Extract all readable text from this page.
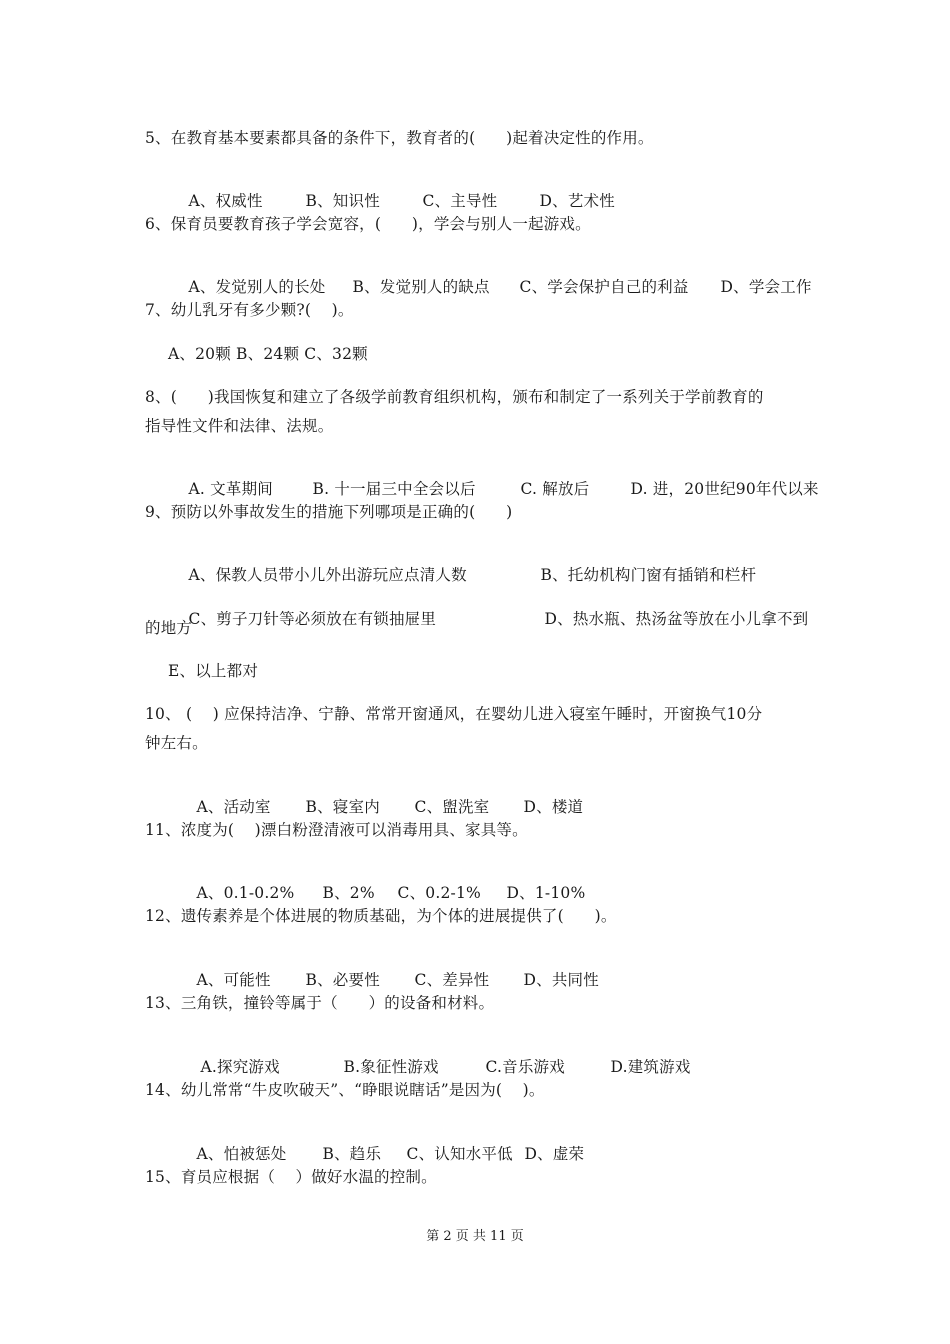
5、在教育基本要素都具备的条件下，教育者的(      )起着决定性的作用。

A、权威性	B、知识性	C、主导性	D、艺术性

6、保育员要教育孩子学会宽容，(      )，学会与别人一起游戏。

A、发觉别人的长处 B、发觉别人的缺点 C、学会保护自己的利益 D、学会工作

7、幼儿乳牙有多少颗?(    )。
A、20颗 B、24颗 C、32颗
8、(      )我国恢复和建立了各级学前教育组织机构，颁布和制定了一系列关于学前教育的
指导性文件和法律、法规。

A. 文革期间	B. 十一届三中全会以后	C. 解放后	D. 进，20世纪90年代以来

9、预防以外事故发生的措施下列哪项是正确的(      )

A、保教人员带小儿外出游玩应点清人数	B、托幼机构门窗有插销和栏杆

C、剪子刀针等必须放在有锁抽屉里	D、热水瓶、热汤盆等放在小儿拿不到

的地方
E、以上都对
10、 (    ) 应保持洁净、宁静、常常开窗通风，在婴幼儿进入寝室午睡时，开窗换气10分
钟左右。

A、活动室 B、寝室内 C、盥洗室 D、楼道

11、浓度为(    )漂白粉澄清液可以消毒用具、家具等。

A、0.1-0.2% B、2% C、0.2-1% D、1-10%

12、遗传素养是个体进展的物质基础，为个体的进展提供了(      )。

A、可能性 B、必要性 C、差异性 D、共同性

13、三角铁，撞铃等属于（      ）的设备和材料。

A.探究游戏	B.象征性游戏	C.音乐游戏	D.建筑游戏

14、幼儿常常“牛皮吹破天”、“睁眼说瞎话”是因为(    )。

A、怕被惩处 B、趋乐 C、认知水平低 D、虚荣

15、育员应根据（    ）做好水温的控制。
第 2 页 共 11 页
